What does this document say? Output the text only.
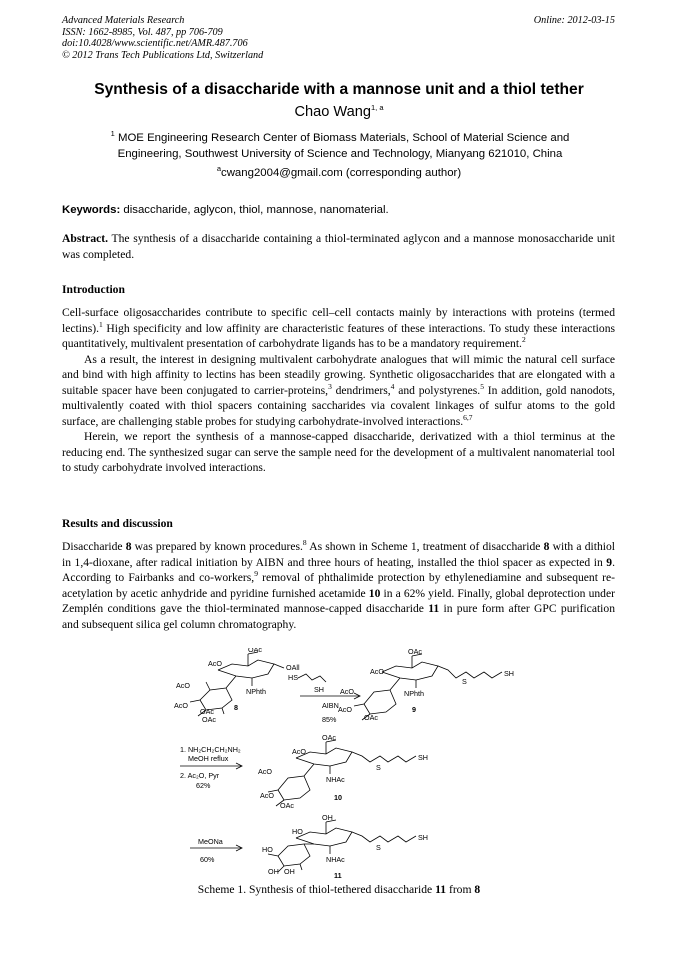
Advanced Materials Research
ISSN: 1662-8985, Vol. 487, pp 706-709
doi:10.4028/www.scientific.net/AMR.487.706
© 2012 Trans Tech Publications Ltd, Switzerland
Online: 2012-03-15
Synthesis of a disaccharide with a mannose unit and a thiol tether
Chao Wang$^{1, a}$
$^1$ MOE Engineering Research Center of Biomass Materials, School of Material Science and
Engineering, Southwest University of Science and Technology, Mianyang 621010, China
$^a$cwang2004@gmail.com (corresponding author)
Keywords: disaccharide, aglycon, thiol, mannose, nanomaterial.
Abstract. The synthesis of a disaccharide containing a thiol-terminated aglycon and a mannose monosaccharide unit was completed.
Introduction

Cell-surface oligosaccharides contribute to specific cell–cell contacts mainly by interactions with proteins (termed lectins).$^1$ High specificity and low affinity are characteristic features of these interactions. To study these interactions quantitatively, multivalent presentation of carbohydrate ligands has to be a mandatory requirement.$^2$

As a result, the interest in designing multivalent carbohydrate analogues that will mimic the natural cell surface and bind with high affinity to lectins has been steadily growing. Synthetic oligosaccharides that are elongated with a suitable spacer have been conjugated to carrier-proteins,$^3$ dendrimers,$^4$ and polystyrenes.$^5$ In addition, gold nanodots, multivalently coated with thiol spacers containing saccharides via covalent linkages of sulfur atoms to the gold surface, are challenging stable probes for studying carbohydrate-involved interactions.$^{6,7}$

Herein, we report the synthesis of a mannose-capped disaccharide, derivatized with a thiol terminus at the reducing end. The synthesized sugar can serve the sample need for the development of a multivalent nanomaterial tool to study carbohydrate involved interactions.

Results and discussion
Disaccharide 8 was prepared by known procedures.$^8$ As shown in Scheme 1, treatment of disaccharide 8 with a dithiol in 1,4-dioxane, after radical initiation by AIBN and three hours of heating, installed the thiol spacer as expected in 9. According to Fairbanks and co-workers,$^9$ removal of phthalimide protection by ethylenediamine and subsequent re-acetylation by acetic anhydride and pyridine furnished acetamide 10 in a 62% yield. Finally, global deprotection under Zemplén conditions gave the thiol-terminated mannose-capped disaccharide 11 in pure form after GPC purification and subsequent silica gel column chromatography.
OAc
AcO	OAll
NPhth
AcO
AcO
OAc
OAc
8
HS
SH
AIBN
85%
OAc
AcO
NPhth
S
SH
AcO
AcO
OAc
9
1. NH₂CH₂CH₂NH₂
MeOH reflux
2. Ac₂O, Pyr
62%
OAc
AcO
NHAc
S
SH
AcO
AcO
OAc
10
MeONa
60%
OH
HO
NHAc
S
SH
HO
OH OH	11
Scheme 1. Synthesis of thiol-tethered disaccharide 11 from 8
